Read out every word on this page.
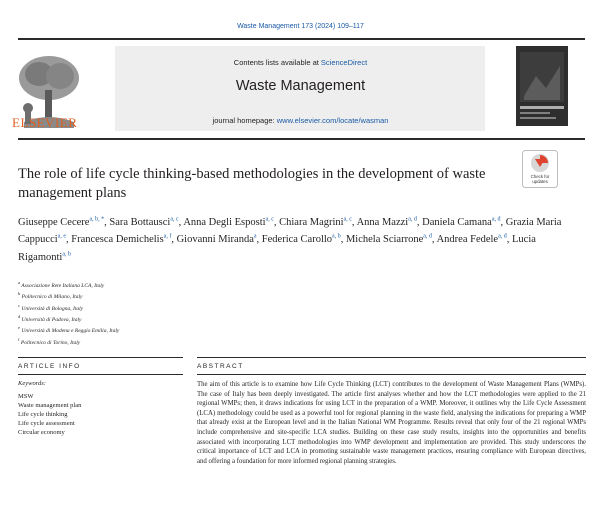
Waste Management 173 (2024) 109–117
Contents lists available at ScienceDirect
Waste Management
journal homepage: www.elsevier.com/locate/wasman
ELSEVIER
The role of life cycle thinking-based methodologies in the development of waste management plans
Check for
updates
Giuseppe Cecere$^{a, b, *}$, Sara Bottausci$^{a, c}$, Anna Degli Esposti$^{a, c}$, Chiara Magrini$^{a, c}$, Anna Mazzi$^{a, d}$, Daniela Camana$^{a, d}$, Grazia Maria Cappucci$^{a, e}$, Francesca Demichelis$^{a, f}$, Giovanni Miranda$^a$, Federica Carollo$^{a, b}$, Michela Sciarrone$^{a, d}$, Andrea Fedele$^{a, d}$, Lucia Rigamonti$^{a, b}$
$^a$ Associazione Rete Italiana LCA, Italy
$^b$ Politecnico di Milano, Italy
$^c$ Università di Bologna, Italy
$^d$ Università di Padova, Italy
$^e$ Università di Modena e Reggio Emilia, Italy
$^f$ Politecnico di Torino, Italy
ARTICLE INFO	ABSTRACT
Keywords:
MSW
Waste management plan
Life cycle thinking
Life cycle assessment
Circular economy
The aim of this article is to examine how Life Cycle Thinking (LCT) contributes to the development of Waste Management Plans (WMPs). The case of Italy has been deeply investigated. The article first analyses whether and how the LCT methodologies were applied to the 21 regional WMPs; then, it draws indications for using LCT in the preparation of a WMP. Moreover, it outlines why the Life Cycle Assessment (LCA) methodology could be used as a powerful tool for regional planning in the waste field, analysing the indications for preparing a WMP that already exist at the European level and in the Italian National WM Programme. Results reveal that only four of the 21 regional WMPs include comprehensive and site-specific LCA studies. Building on these case study results, insights into the opportunities and benefits associated with incorporating LCT methodologies into WMP development and implementation are provided. This study underscores the critical importance of LCT and LCA in promoting sustainable waste management practices, ensuring compliance with European directives, and offering a foundation for more informed regional planning strategies.
